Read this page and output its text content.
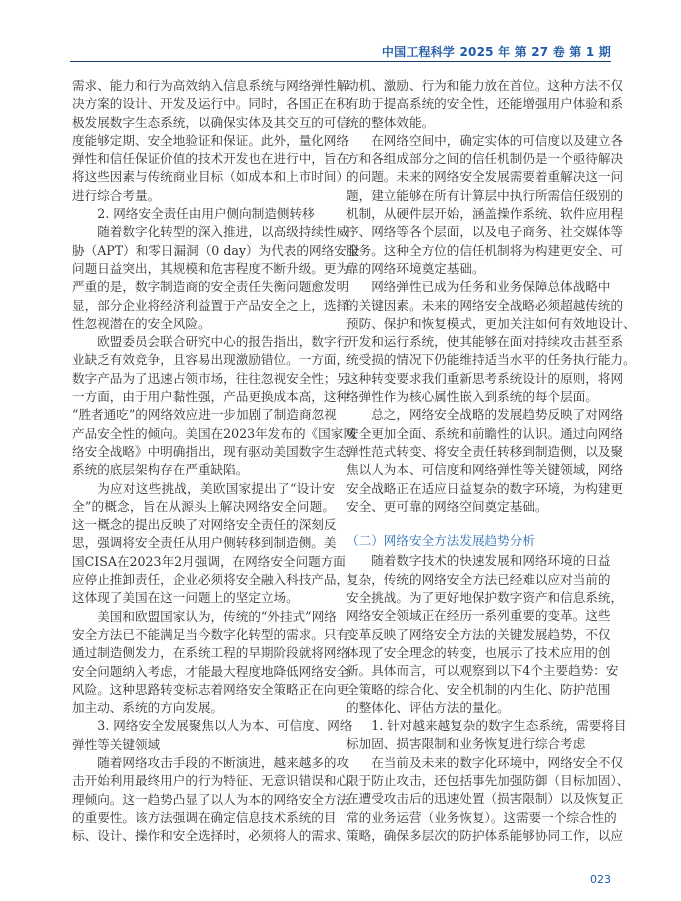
中国工程科学 2025 年 第 27 卷 第 1 期
需求、能力和行为高效纳入信息系统与网络弹性解
决方案的设计、开发及运行中。同时，各国正在积
极发展数字生态系统，以确保实体及其交互的可信
度能够定期、安全地验证和保证。此外，量化网络
弹性和信任保证价值的技术开发也在进行中，旨在
将这些因素与传统商业目标（如成本和上市时间）
进行综合考量。
2. 网络安全责任由用户侧向制造侧转移
随着数字化转型的深入推进，以高级持续性威
胁（APT）和零日漏洞（0 day）为代表的网络安全
问题日益突出，其规模和危害程度不断升级。更为
严重的是，数字制造商的安全责任失衡问题愈发明
显，部分企业将经济利益置于产品安全之上，选择
性忽视潜在的安全风险。
欧盟委员会联合研究中心的报告指出，数字行
业缺乏有效竞争，且容易出现激励错位。一方面，
数字产品为了迅速占领市场，往往忽视安全性；另
一方面，由于用户黏性强，产品更换成本高，这种
“胜者通吃”的网络效应进一步加剧了制造商忽视
产品安全性的倾向。美国在2023年发布的《国家网
络安全战略》中明确指出，现有驱动美国数字生态
系统的底层架构存在严重缺陷。
为应对这些挑战，美欧国家提出了“设计安
全”的概念，旨在从源头上解决网络安全问题。
这一概念的提出反映了对网络安全责任的深刻反
思，强调将安全责任从用户侧转移到制造侧。美
国CISA在2023年2月强调，在网络安全问题方面
应停止推卸责任，企业必须将安全融入科技产品，
这体现了美国在这一问题上的坚定立场。
美国和欧盟国家认为，传统的“外挂式”网络
安全方法已不能满足当今数字化转型的需求。只有
通过制造侧发力，在系统工程的早期阶段就将网络
安全问题纳入考虑，才能最大程度地降低网络安全
风险。这种思路转变标志着网络安全策略正在向更
加主动、系统的方向发展。
3. 网络安全发展聚焦以人为本、可信度、网络
弹性等关键领域
随着网络攻击手段的不断演进，越来越多的攻
击开始利用最终用户的行为特征、无意识错误和心
理倾向。这一趋势凸显了以人为本的网络安全方法
的重要性。该方法强调在确定信息技术系统的目
标、设计、操作和安全选择时，必须将人的需求、
动机、激励、行为和能力放在首位。这种方法不仅
有助于提高系统的安全性，还能增强用户体验和系
统的整体效能。
在网络空间中，确定实体的可信度以及建立各
方和各组成部分之间的信任机制仍是一个亟待解决
的问题。未来的网络安全发展需要着重解决这一问
题，建立能够在所有计算层中执行所需信任级别的
机制，从硬件层开始，涵盖操作系统、软件应用程
序、网络等各个层面，以及电子商务、社交媒体等
服务。这种全方位的信任机制将为构建更安全、可
靠的网络环境奠定基础。
网络弹性已成为任务和业务保障总体战略中
的关键因素。未来的网络安全战略必须超越传统的
预防、保护和恢复模式，更加关注如何有效地设计、
开发和运行系统，使其能够在面对持续攻击甚至系
统受损的情况下仍能维持适当水平的任务执行能力。
这种转变要求我们重新思考系统设计的原则，将网
络弹性作为核心属性嵌入到系统的每个层面。
总之，网络安全战略的发展趋势反映了对网络
安全更加全面、系统和前瞻性的认识。通过向网络
弹性范式转变、将安全责任转移到制造侧，以及聚
焦以人为本、可信度和网络弹性等关键领域，网络
安全战略正在适应日益复杂的数字环境，为构建更
安全、更可靠的网络空间奠定基础。
（二）网络安全方法发展趋势分析
随着数字技术的快速发展和网络环境的日益
复杂，传统的网络安全方法已经难以应对当前的
安全挑战。为了更好地保护数字资产和信息系统，
网络安全领域正在经历一系列重要的变革。这些
变革反映了网络安全方法的关键发展趋势，不仅
体现了安全理念的转变，也展示了技术应用的创
新。具体而言，可以观察到以下4个主要趋势：安
全策略的综合化、安全机制的内生化、防护范围
的整体化、评估方法的量化。
1. 针对越来越复杂的数字生态系统，需要将目
标加固、损害限制和业务恢复进行综合考虑
在当前及未来的数字化环境中，网络安全不仅
限于防止攻击，还包括事先加强防御（目标加固）、
在遭受攻击后的迅速处置（损害限制）以及恢复正
常的业务运营（业务恢复）。这需要一个综合性的
策略，确保多层次的防护体系能够协同工作，以应
023
